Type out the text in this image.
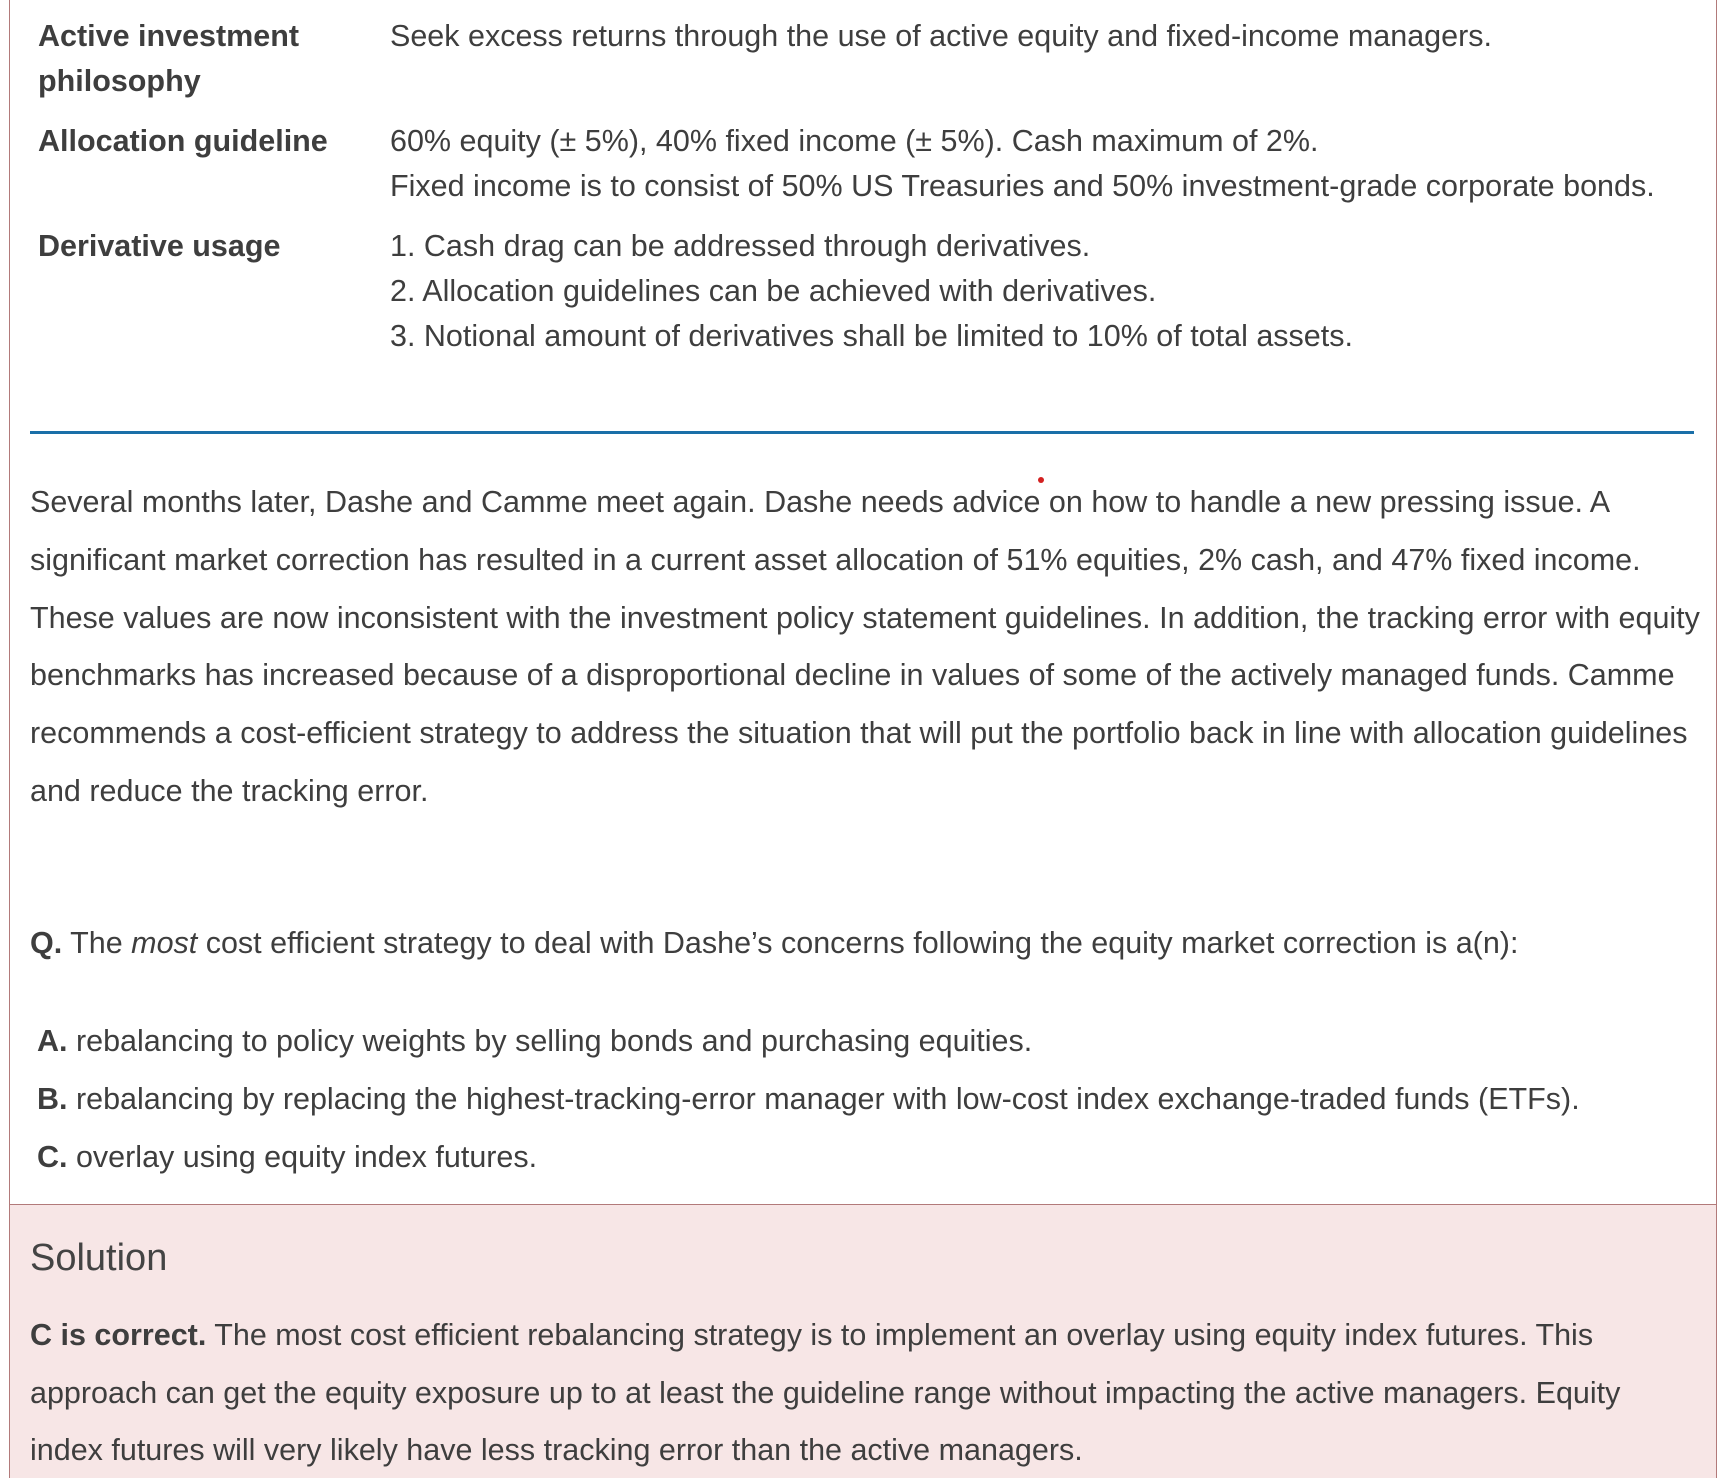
Active investment philosophy
Seek excess returns through the use of active equity and fixed-income managers.
Allocation guideline	60% equity (± 5%), 40% fixed income (± 5%). Cash maximum of 2%.
Fixed income is to consist of 50% US Treasuries and 50% investment-grade corporate bonds.
Derivative usage	1. Cash drag can be addressed through derivatives.
2. Allocation guidelines can be achieved with derivatives.
3. Notional amount of derivatives shall be limited to 10% of total assets.
Several months later, Dashe and Camme meet again. Dashe needs advice on how to handle a new pressing issue. A significant market correction has resulted in a current asset allocation of 51% equities, 2% cash, and 47% fixed income. These values are now inconsistent with the investment policy statement guidelines. In addition, the tracking error with equity benchmarks has increased because of a disproportional decline in values of some of the actively managed funds. Camme recommends a cost-efficient strategy to address the situation that will put the portfolio back in line with allocation guidelines and reduce the tracking error.
Q. The most cost efficient strategy to deal with Dashe’s concerns following the equity market correction is a(n):
A. rebalancing to policy weights by selling bonds and purchasing equities.
B. rebalancing by replacing the highest-tracking-error manager with low-cost index exchange-traded funds (ETFs).
C. overlay using equity index futures.
Solution
C is correct. The most cost efficient rebalancing strategy is to implement an overlay using equity index futures. This approach can get the equity exposure up to at least the guideline range without impacting the active managers. Equity index futures will very likely have less tracking error than the active managers.
